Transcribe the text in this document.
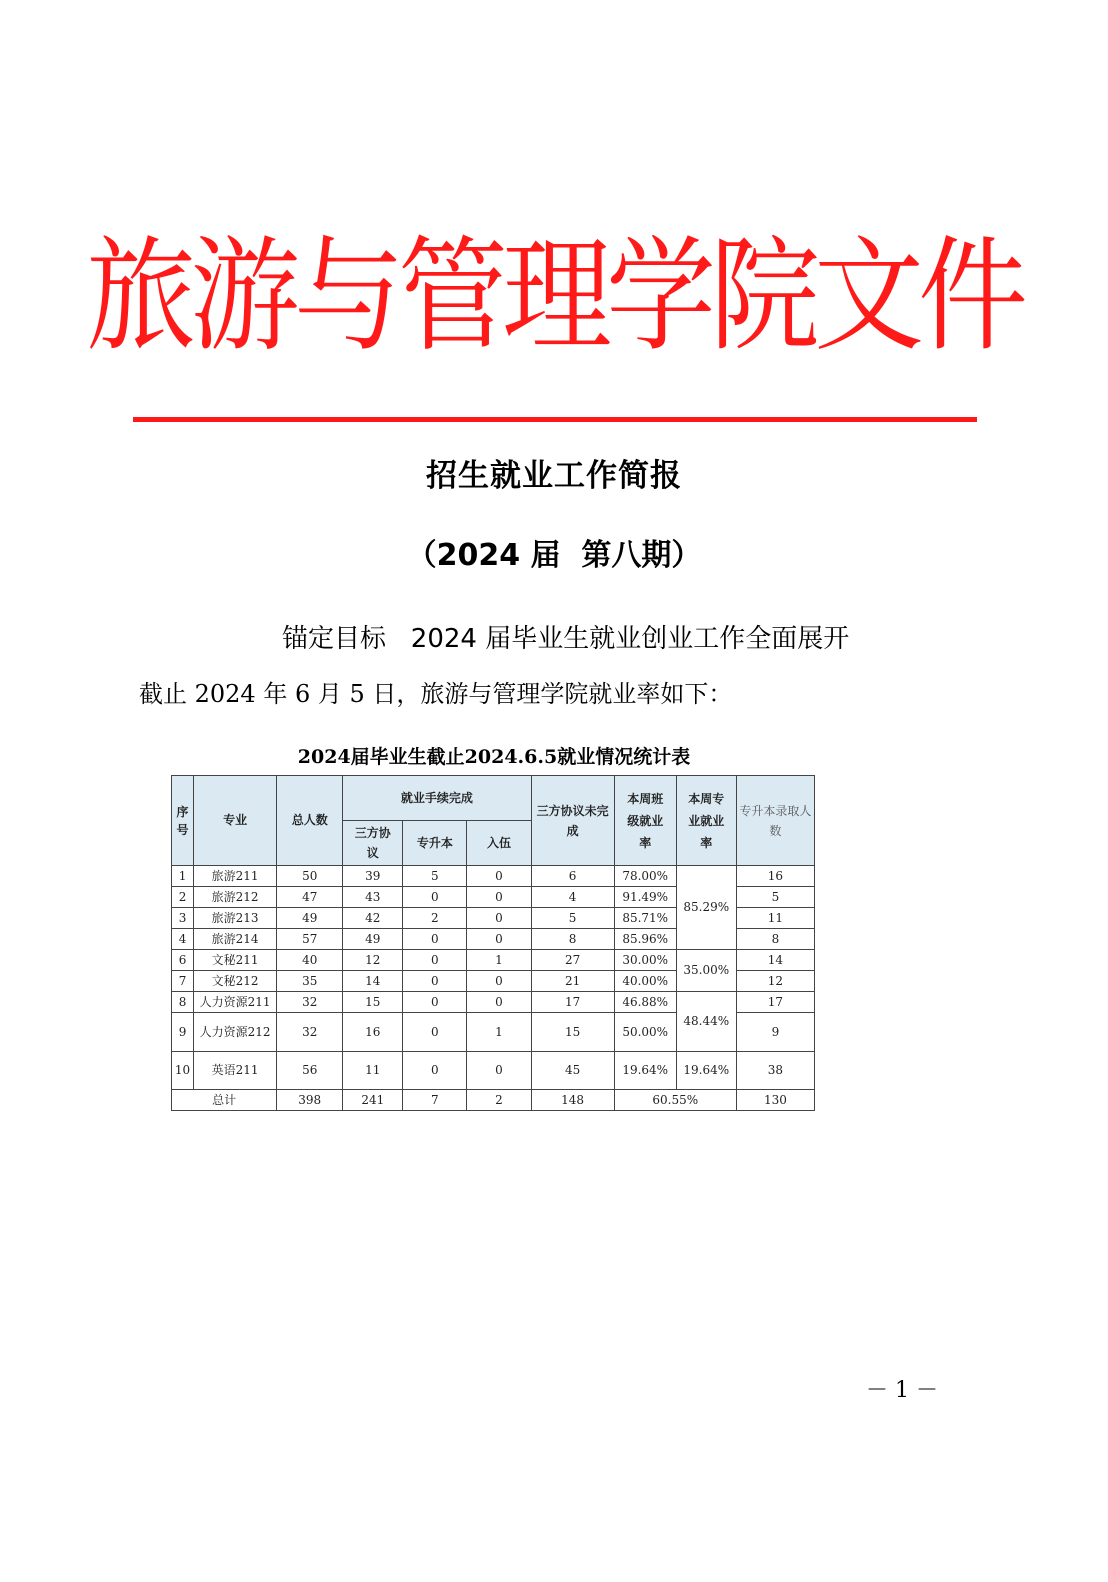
旅游与管理学院文件
招生就业工作简报
（2024 届  第八期）
锚定目标   2024 届毕业生就业创业工作全面展开
截止 2024 年 6 月 5 日，旅游与管理学院就业率如下：
2024届毕业生截止2024.6.5就业情况统计表
序号	专业	总人数	就业手续完成			三方协议未完成	本周班级就业率	本周专业就业率	专升本录取人数
			三方协议	专升本	入伍				
1	旅游211	50	39	5	0	6	78.00%	85.29%	16
2	旅游212	47	43	0	0	4	91.49%		5
3	旅游213	49	42	2	0	5	85.71%		11
4	旅游214	57	49	0	0	8	85.96%		8
6	文秘211	40	12	0	1	27	30.00%	35.00%	14
7	文秘212	35	14	0	0	21	40.00%		12
8	人力资源211	32	15	0	0	17	46.88%	48.44%	17
9	人力资源212	32	16	0	1	15	50.00%		9
10	英语211	56	11	0	0	45	19.64%	19.64%	38
总计		398	241	7	2	148	60.55%		130
－ 1 －
